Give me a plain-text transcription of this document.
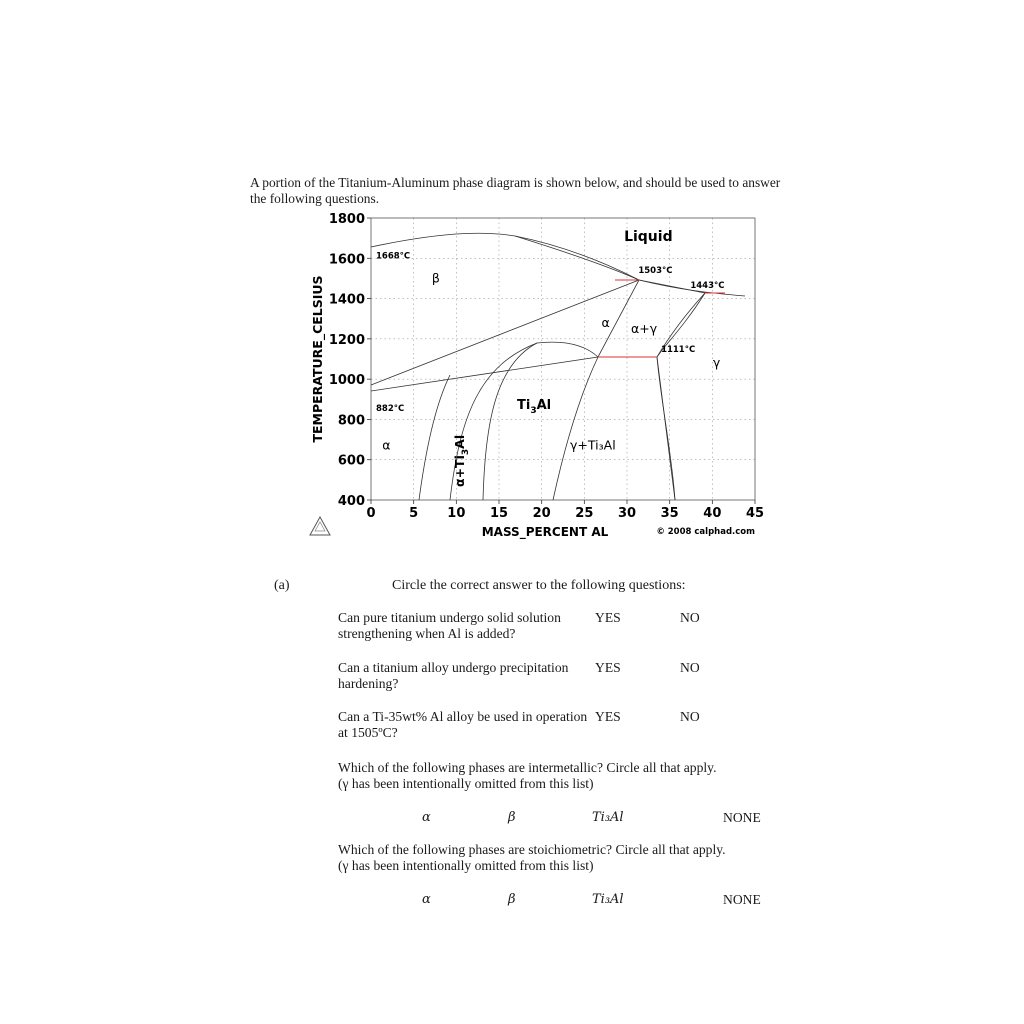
A portion of the Titanium-Aluminum phase diagram is shown below, and should be used to answer the following questions.
0	5 10 15 20 25 30 35 40 45
400
600
800
1000
1200
1400
1600
1800
MASS_PERCENT AL
TEMPERATURE_CELSIUS
© 2008 calphad.com
Liquid
β
α α+γ
γ
α	γ+Ti₃Al
$Ti_3Al$
$\alpha+Ti_3Al$
1668°C
1503°C
1443°C
1111°C
882°C
(a)	Circle the correct answer to the following questions:
Can pure titanium undergo solid solution strengthening when Al is added?
YES	NO
Can a titanium alloy undergo precipitation hardening?
YES	NO
Can a Ti-35wt% Al alloy be used in operation at 1505ºC?
YES	NO
Which of the following phases are intermetallic? Circle all that apply.
(γ has been intentionally omitted from this list)
α	β	Ti₃Al	NONE
Which of the following phases are stoichiometric? Circle all that apply.
(γ has been intentionally omitted from this list)
α	β	Ti₃Al	NONE
